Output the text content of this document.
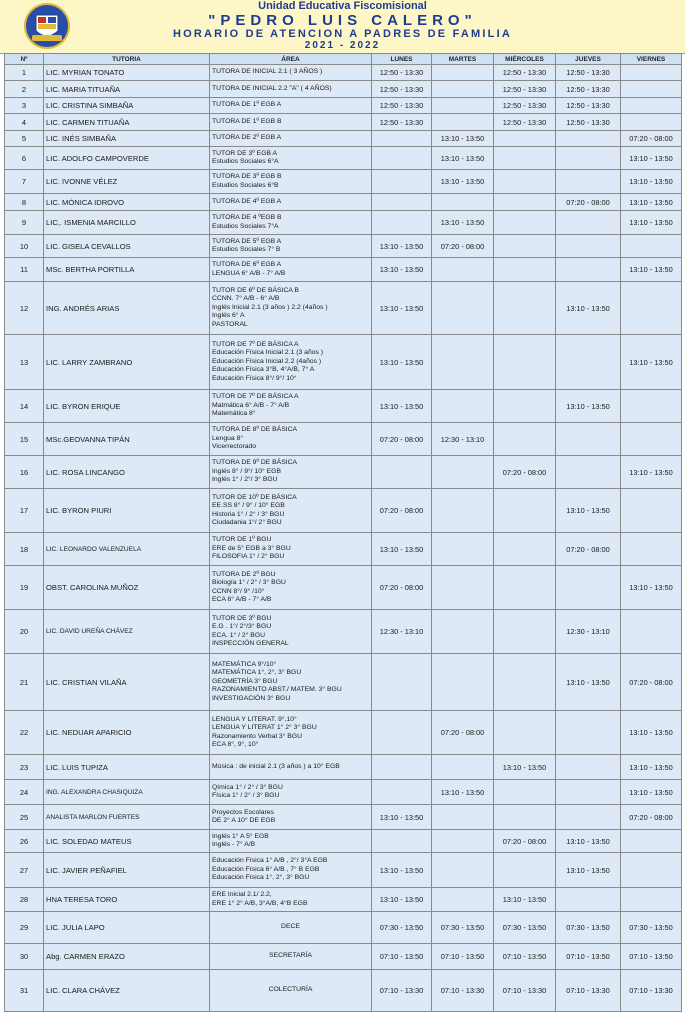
Unidad Educativa Fiscomisional
"PEDRO LUIS CALERO"
HORARIO DE ATENCION A PADRES DE FAMILIA
2021 - 2022
Nº	TUTORIA	ÁREA	LUNES	MARTES	MIÉRCOLES	JUEVES	VIERNES
1	LIC. MYRIAN TONATO	TUTORA DE INICIAL 2.1 ( 3 AÑOS )	12:50 - 13:30		12:50 - 13:30	12:50 - 13:30	
2	LIC. MARIA TITUAÑA	TUTORA DE INICIAL 2.2 "A" ( 4 AÑOS)	12:50 - 13:30		12:50 - 13:30	12:50 - 13:30	
3	LIC. CRISTINA SIMBAÑA	TUTORA DE 1º EGB A	12:50 - 13:30		12:50 - 13:30	12:50 - 13:30	
4	LIC. CARMEN TITUAÑA	TUTORA DE 1º EGB B	12:50 - 13:30		12:50 - 13:30	12:50 - 13:30	
5	LIC. INÉS SIMBAÑA	TUTORA DE 2º EGB A		13:10 - 13:50			07:20 - 08:00
6	LIC. ADOLFO CAMPOVERDE	TUTOR DE 3º EGB A
Estudios Sociales 6°A		13:10 - 13:50			13:10 - 13:50
7	LIC. IVONNE VÉLEZ	TUTORA DE 3º EGB B
Estudios Sociales 6°B		13:10 - 13:50			13:10 - 13:50
8	LIC. MÓNICA IDROVO	TUTORA DE 4º EGB A				07:20 - 08:00	13:10 - 13:50
9	LIC,. ISMENIA MARCILLO	TUTORA DE 4 ºEGB B
Estudios Sociales 7°A		13:10 - 13:50			13:10 - 13:50
10	LIC. GISELA CEVALLOS	TUTORA DE 5º EGB A
Estudios Sociales 7° B	13:10 - 13:50	07:20 - 08:00			
11	MSc. BERTHA PORTILLA	TUTORA DE 6º EGB A
LENGUA 6° A/B - 7° A/B	13:10 - 13:50				13:10 - 13:50
12	ING. ANDRÉS ARIAS	TUTOR DE 6º DE BÁSICA B
CCNN. 7° A/B - 6° A/B
Inglés Inicial 2.1 (3 años ) 2.2 (4años )
Inglés 6° A
PASTORAL	13:10 - 13:50			13:10 - 13:50	
13	LIC. LARRY ZAMBRANO	TUTOR DE 7º DE BÁSICA A
Educación Física Inicial 2.1 (3 años )
Educación Física Inicial 2.2 (4años )
Educación Física 3°B, 4°A/B, 7° A
Educación Física 8°/ 9°/ 10°	13:10 - 13:50				13:10 - 13:50
14	LIC. BYRON ERIQUE	TUTOR DE 7º DE BÁSICA A
Matmática 6° A/B - 7° A/B
Matemática 8°	13:10 - 13:50			13:10 - 13:50	
15	MSc.GEOVANNA TIPÁN	TUTORA DE 8º DE BÁSICA
Lengua 8°
Vicerrectorado	07:20 - 08:00	12:30 - 13:10			
16	LIC. ROSA LINCANGO	TUTORA DE 9º DE BÁSICA
Inglés 8° / 9°/ 10° EGB
Inglés 1° / 2°/ 3° BGU			07:20 - 08:00		13:10 - 13:50
17	LIC. BYRON PIURI	TUTOR DE 10º DE BÁSICA
EE.SS 8° / 9° / 10° EGB
Historia 1° / 2° / 3° BGU
Ciudadania 1°/ 2° BGU	07:20 - 08:00			13:10 - 13:50	
18	LIC. LEONARDO VALENZUELA	TUTOR DE 1º BGU
ERE de 5° EGB a 3° BGU
FILOSOFIA 1° / 2° BGU	13:10 - 13:50			07:20 - 08:00	
19	OBST. CAROLINA MUÑOZ	TUTORA DE 2º BGU
Biología 1° / 2° / 3° BGU
CCNN 8°/ 9° /10°
ECA 6° A/B - 7° A/B	07:20 - 08:00				13:10 - 13:50
20	LIC. DAVID UREÑA CHÁVEZ	TUTOR DE 3º BGU
E.G . 1°/ 2°/3° BGU
ECA. 1° / 2° BGU
INSPECCIÓN GENERAL	12:30 - 13:10			12:30 - 13:10	
21	LIC. CRISTIAN VILAÑA	MATEMÁTICA 9°/10°
MATEMÁTICA 1°, 2°, 3° BGU
GEOMETRÍA 3° BGU
RAZONAMIENTO ABST./ MATEM. 3° BGU
INVESTIGACIÓN 3° BGU				13:10 - 13:50	07:20 - 08:00
22	LIC. NEDUAR APARICIO	LENGUA Y LITERAT. 9°,10°
LENGUA Y LITERAT 1° 2° 3° BGU
Razonamiento Verbal 3° BGU
ECA 8°, 9°, 10°		07:20 - 08:00			13:10 - 13:50
23	LIC. LUIS TUPIZA	Música : de inicial 2.1 (3 años ) a 10° EGB			13:10 - 13:50		13:10 - 13:50
24	ING. ALEXANDRA CHASIQUIZA	Qímica 1° / 2° / 3° BGU
Física 1° / 2° / 3° BGU		13:10 - 13:50			13:10 - 13:50
25	ANALISTA MARLON FUERTES	Proyectos Escolares
DE 2° A 10° DE EGB	13:10 - 13:50				07:20 - 08:00
26	LIC. SOLEDAD MATEUS	Inglés 1° A 5° EGB
Inglés - 7° A/B			07:20 - 08:00	13:10 - 13:50	
27	LIC. JAVIER PEÑAFIEL	Educación Física 1° A/B , 2°/ 3°A EGB
Educación Física 6° A/B , 7° B EGB
Educación Física 1°, 2°, 3° BGU	13:10 - 13:50			13:10 - 13:50	
28	HNA TERESA TORO	ERE Inicial 2.1/ 2.2,
ERE 1° 2° A/B, 3°A/B, 4°B EGB	13:10 - 13:50		13:10 - 13:50		
29	LIC. JULIA LAPO	DECE	07:30 - 13:50	07:30 - 13:50	07:30 - 13:50	07:30 - 13:50	07:30 - 13:50
30	Abg. CARMEN ERAZO	SECRETARÍA	07:10 - 13:50	07:10 - 13:50	07:10 - 13:50	07:10 - 13:50	07:10 - 13:50
31	LIC. CLARA CHÁVEZ	COLECTURÍA	07:10 - 13:30	07:10 - 13:30	07:10 - 13:30	07:10 - 13:30	07:10 - 13:30
